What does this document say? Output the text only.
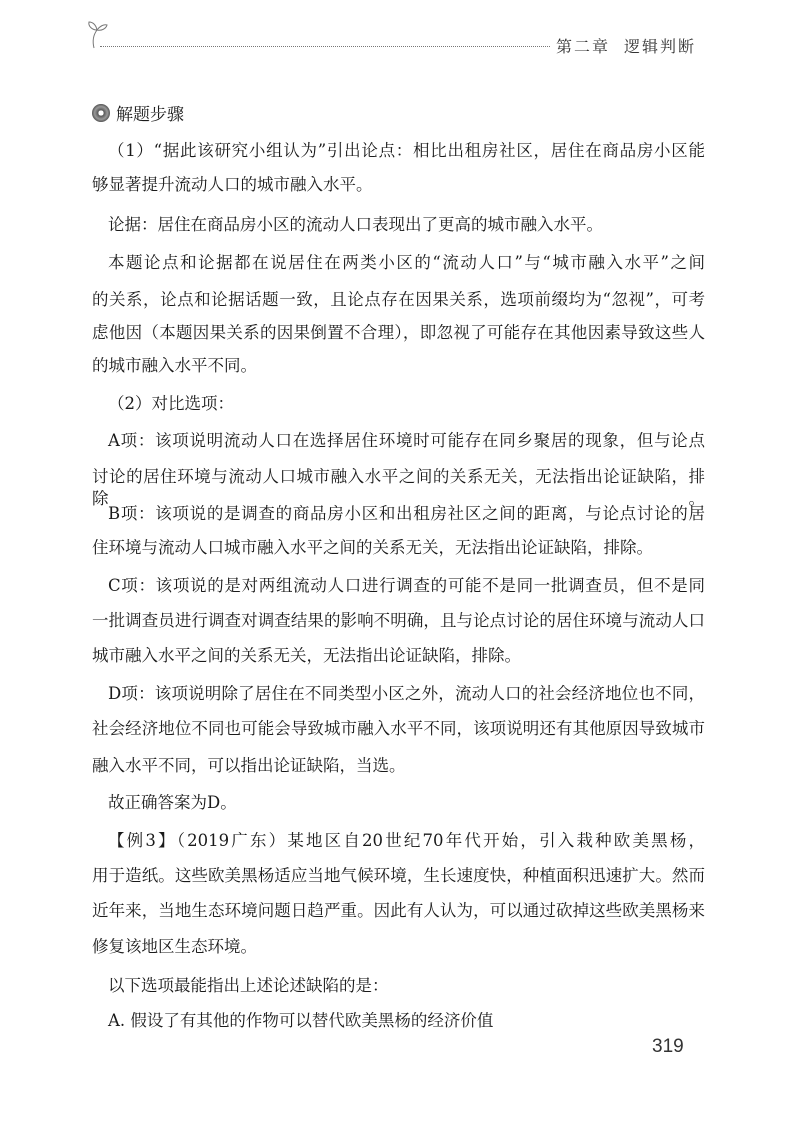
第二章 逻辑判断
解题步骤
（1）“据此该研究小组认为”引出论点：相比出租房社区，居住在商品房小区能
够显著提升流动人口的城市融入水平。
论据：居住在商品房小区的流动人口表现出了更高的城市融入水平。
本题论点和论据都在说居住在两类小区的“流动人口”与“城市融入水平”之间
的关系，论点和论据话题一致，且论点存在因果关系，选项前缀均为“忽视”，可考
虑他因（本题因果关系的因果倒置不合理），即忽视了可能存在其他因素导致这些人
的城市融入水平不同。
（2）对比选项：
A项：该项说明流动人口在选择居住环境时可能存在同乡聚居的现象，但与论点
讨论的居住环境与流动人口城市融入水平之间的关系无关，无法指出论证缺陷，排除。
B项：该项说的是调查的商品房小区和出租房社区之间的距离，与论点讨论的居
住环境与流动人口城市融入水平之间的关系无关，无法指出论证缺陷，排除。
C项：该项说的是对两组流动人口进行调查的可能不是同一批调查员，但不是同
一批调查员进行调查对调查结果的影响不明确，且与论点讨论的居住环境与流动人口
城市融入水平之间的关系无关，无法指出论证缺陷，排除。
D项：该项说明除了居住在不同类型小区之外，流动人口的社会经济地位也不同，
社会经济地位不同也可能会导致城市融入水平不同，该项说明还有其他原因导致城市
融入水平不同，可以指出论证缺陷，当选。
故正确答案为D。
【例3】（2019广东）某地区自20世纪70年代开始，引入栽种欧美黑杨，
用于造纸。这些欧美黑杨适应当地气候环境，生长速度快，种植面积迅速扩大。然而
近年来，当地生态环境问题日趋严重。因此有人认为，可以通过砍掉这些欧美黑杨来
修复该地区生态环境。
以下选项最能指出上述论述缺陷的是：
A. 假设了有其他的作物可以替代欧美黑杨的经济价值
319
